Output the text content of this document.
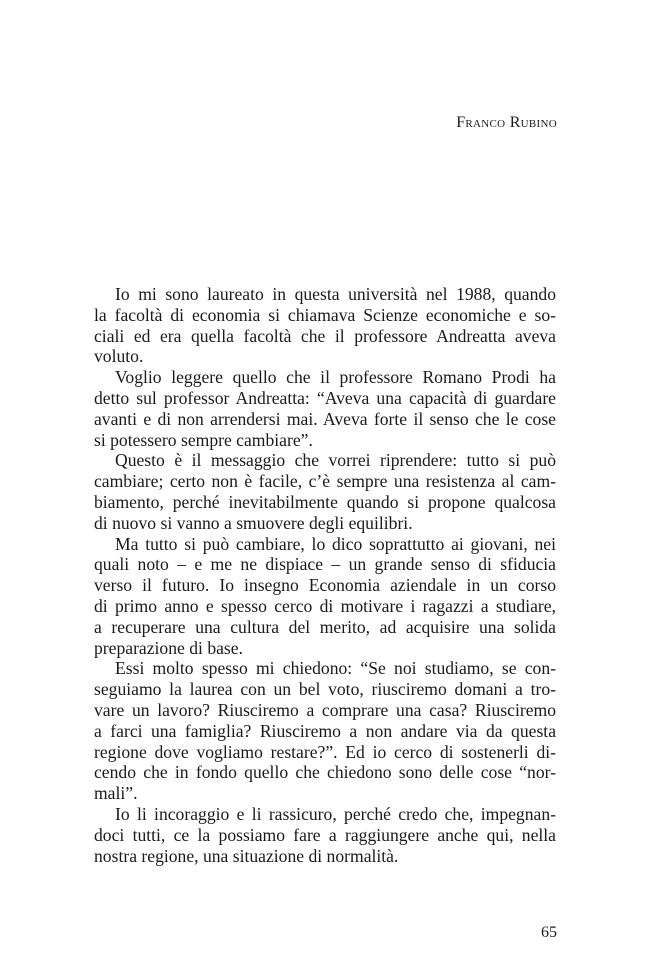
Franco Rubino
Io mi sono laureato in questa università nel 1988, quando
la facoltà di economia si chiamava Scienze economiche e so-
ciali ed era quella facoltà che il professore Andreatta aveva
voluto.
Voglio leggere quello che il professore Romano Prodi ha
detto sul professor Andreatta: “Aveva una capacità di guardare
avanti e di non arrendersi mai. Aveva forte il senso che le cose
si potessero sempre cambiare”.
Questo è il messaggio che vorrei riprendere: tutto si può
cambiare; certo non è facile, c’è sempre una resistenza al cam-
biamento, perché inevitabilmente quando si propone qualcosa
di nuovo si vanno a smuovere degli equilibri.
Ma tutto si può cambiare, lo dico soprattutto ai giovani, nei
quali noto – e me ne dispiace – un grande senso di sfiducia
verso il futuro. Io insegno Economia aziendale in un corso
di primo anno e spesso cerco di motivare i ragazzi a studiare,
a recuperare una cultura del merito, ad acquisire una solida
preparazione di base.
Essi molto spesso mi chiedono: “Se noi studiamo, se con-
seguiamo la laurea con un bel voto, riusciremo domani a tro-
vare un lavoro? Riusciremo a comprare una casa? Riusciremo
a farci una famiglia? Riusciremo a non andare via da questa
regione dove vogliamo restare?”. Ed io cerco di sostenerli di-
cendo che in fondo quello che chiedono sono delle cose “nor-
mali”.
Io li incoraggio e li rassicuro, perché credo che, impegnan-
doci tutti, ce la possiamo fare a raggiungere anche qui, nella
nostra regione, una situazione di normalità.
65
